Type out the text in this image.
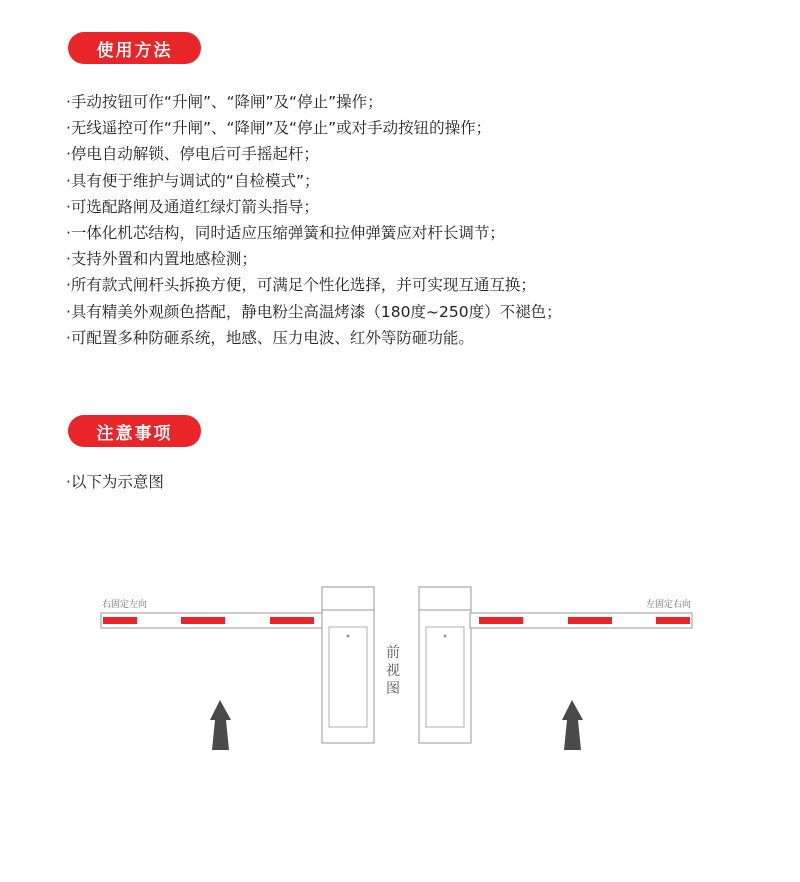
使用方法
·手动按钮可作“升闸”、“降闸”及“停止”操作；
·无线遥控可作“升闸”、“降闸”及“停止”或对手动按钮的操作；
·停电自动解锁、停电后可手摇起杆；
·具有便于维护与调试的“自检模式”；
·可选配路闸及通道红绿灯箭头指导；
·一体化机芯结构，同时适应压缩弹簧和拉伸弹簧应对杆长调节；
·支持外置和内置地感检测；
·所有款式闸杆头拆换方便，可满足个性化选择，并可实现互通互换；
·具有精美外观颜色搭配，静电粉尘高温烤漆（180度~250度）不褪色；
·可配置多种防砸系统，地感、压力电波、红外等防砸功能。
注意事项
·以下为示意图
右固定左向
前
视
图
左固定右向
